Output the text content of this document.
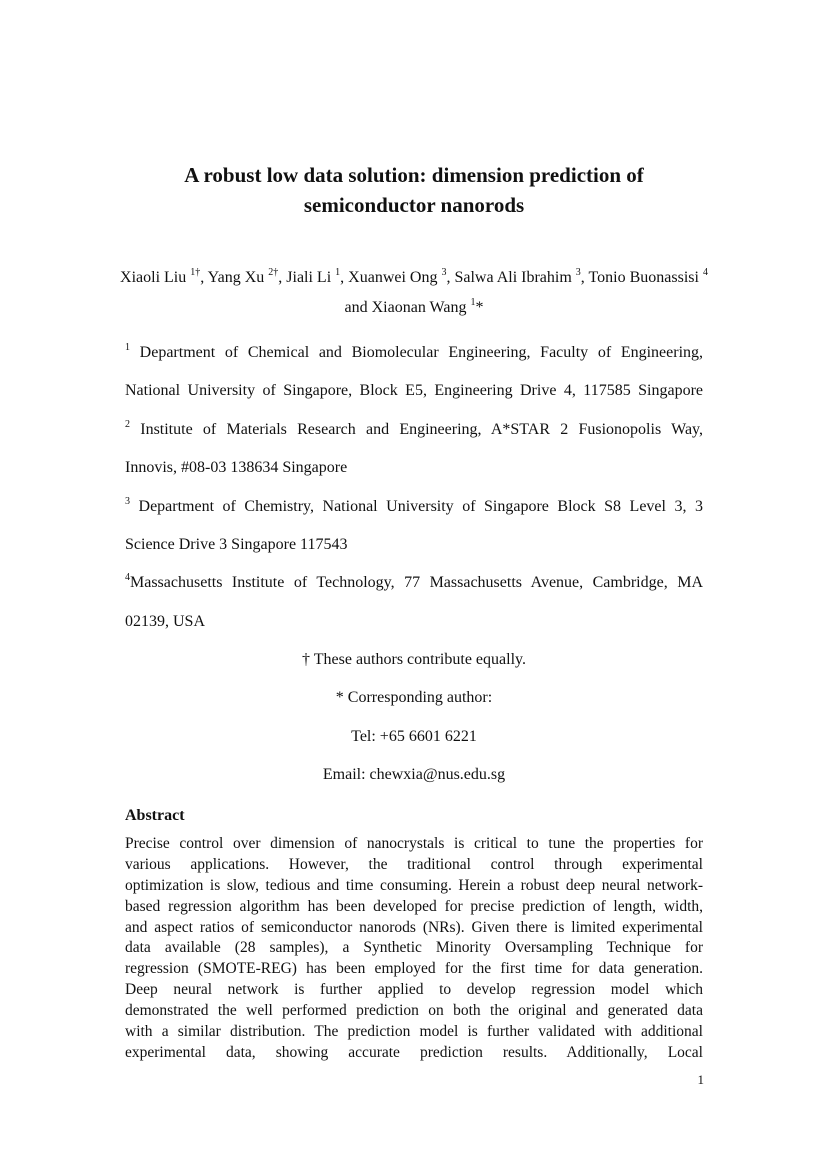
A robust low data solution: dimension prediction of
semiconductor nanorods
Xiaoli Liu $^{1\dagger}$, Yang Xu $^{2\dagger}$, Jiali Li $^1$, Xuanwei Ong $^3$, Salwa Ali Ibrahim $^3$, Tonio Buonassisi $^4$ and Xiaonan Wang $^1$*
$^1$ Department of Chemical and Biomolecular Engineering, Faculty of Engineering,
National University of Singapore, Block E5, Engineering Drive 4, 117585 Singapore
$^2$ Institute of Materials Research and Engineering, A*STAR 2 Fusionopolis Way,
Innovis, #08-03 138634 Singapore
$^3$ Department of Chemistry, National University of Singapore Block S8 Level 3, 3
Science Drive 3 Singapore 117543
$^4$Massachusetts Institute of Technology, 77 Massachusetts Avenue, Cambridge, MA
02139, USA
† These authors contribute equally.
* Corresponding author:
Tel: +65 6601 6221
Email: chewxia@nus.edu.sg
Abstract
Precise control over dimension of nanocrystals is critical to tune the properties for
various applications. However, the traditional control through experimental
optimization is slow, tedious and time consuming. Herein a robust deep neural network-
based regression algorithm has been developed for precise prediction of length, width,
and aspect ratios of semiconductor nanorods (NRs). Given there is limited experimental
data available (28 samples), a Synthetic Minority Oversampling Technique for
regression (SMOTE-REG) has been employed for the first time for data generation.
Deep neural network is further applied to develop regression model which
demonstrated the well performed prediction on both the original and generated data
with a similar distribution. The prediction model is further validated with additional
experimental data, showing accurate prediction results. Additionally, Local
1
